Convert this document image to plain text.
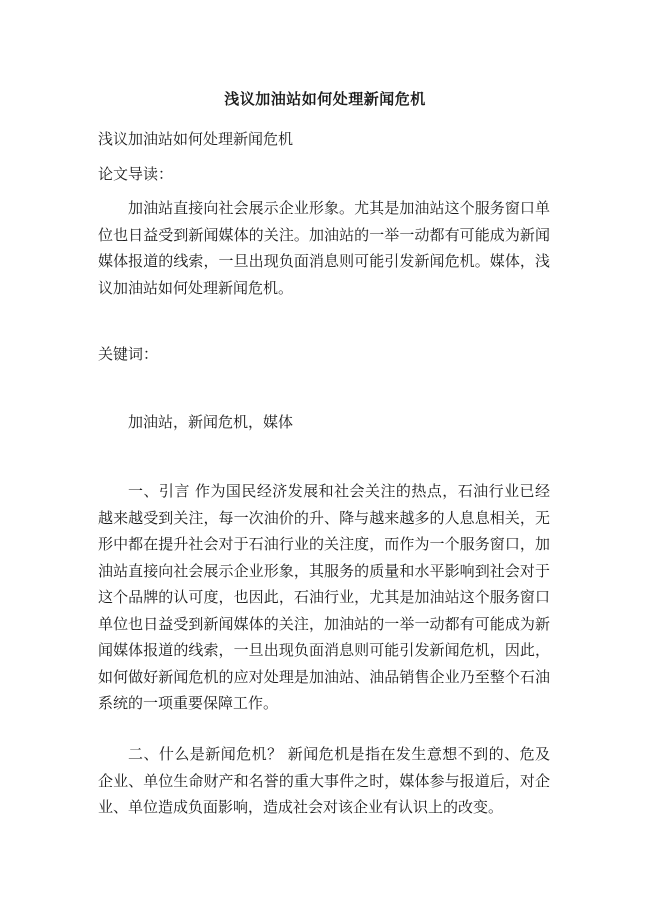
浅议加油站如何处理新闻危机

浅议加油站如何处理新闻危机

论文导读：

加油站直接向社会展示企业形象。尤其是加油站这个服务窗口单位也日益受到新闻媒体的关注。加油站的一举一动都有可能成为新闻媒体报道的线索，一旦出现负面消息则可能引发新闻危机。媒体，浅议加油站如何处理新闻危机。

关键词：

加油站，新闻危机，媒体

一、引言 作为国民经济发展和社会关注的热点，石油行业已经越来越受到关注，每一次油价的升、降与越来越多的人息息相关，无形中都在提升社会对于石油行业的关注度，而作为一个服务窗口，加油站直接向社会展示企业形象，其服务的质量和水平影响到社会对于这个品牌的认可度，也因此，石油行业，尤其是加油站这个服务窗口单位也日益受到新闻媒体的关注，加油站的一举一动都有可能成为新闻媒体报道的线索，一旦出现负面消息则可能引发新闻危机，因此，如何做好新闻危机的应对处理是加油站、油品销售企业乃至整个石油系统的一项重要保障工作。

二、什么是新闻危机？ 新闻危机是指在发生意想不到的、危及企业、单位生命财产和名誉的重大事件之时，媒体参与报道后，对企业、单位造成负面影响，造成社会对该企业有认识上的改变。
